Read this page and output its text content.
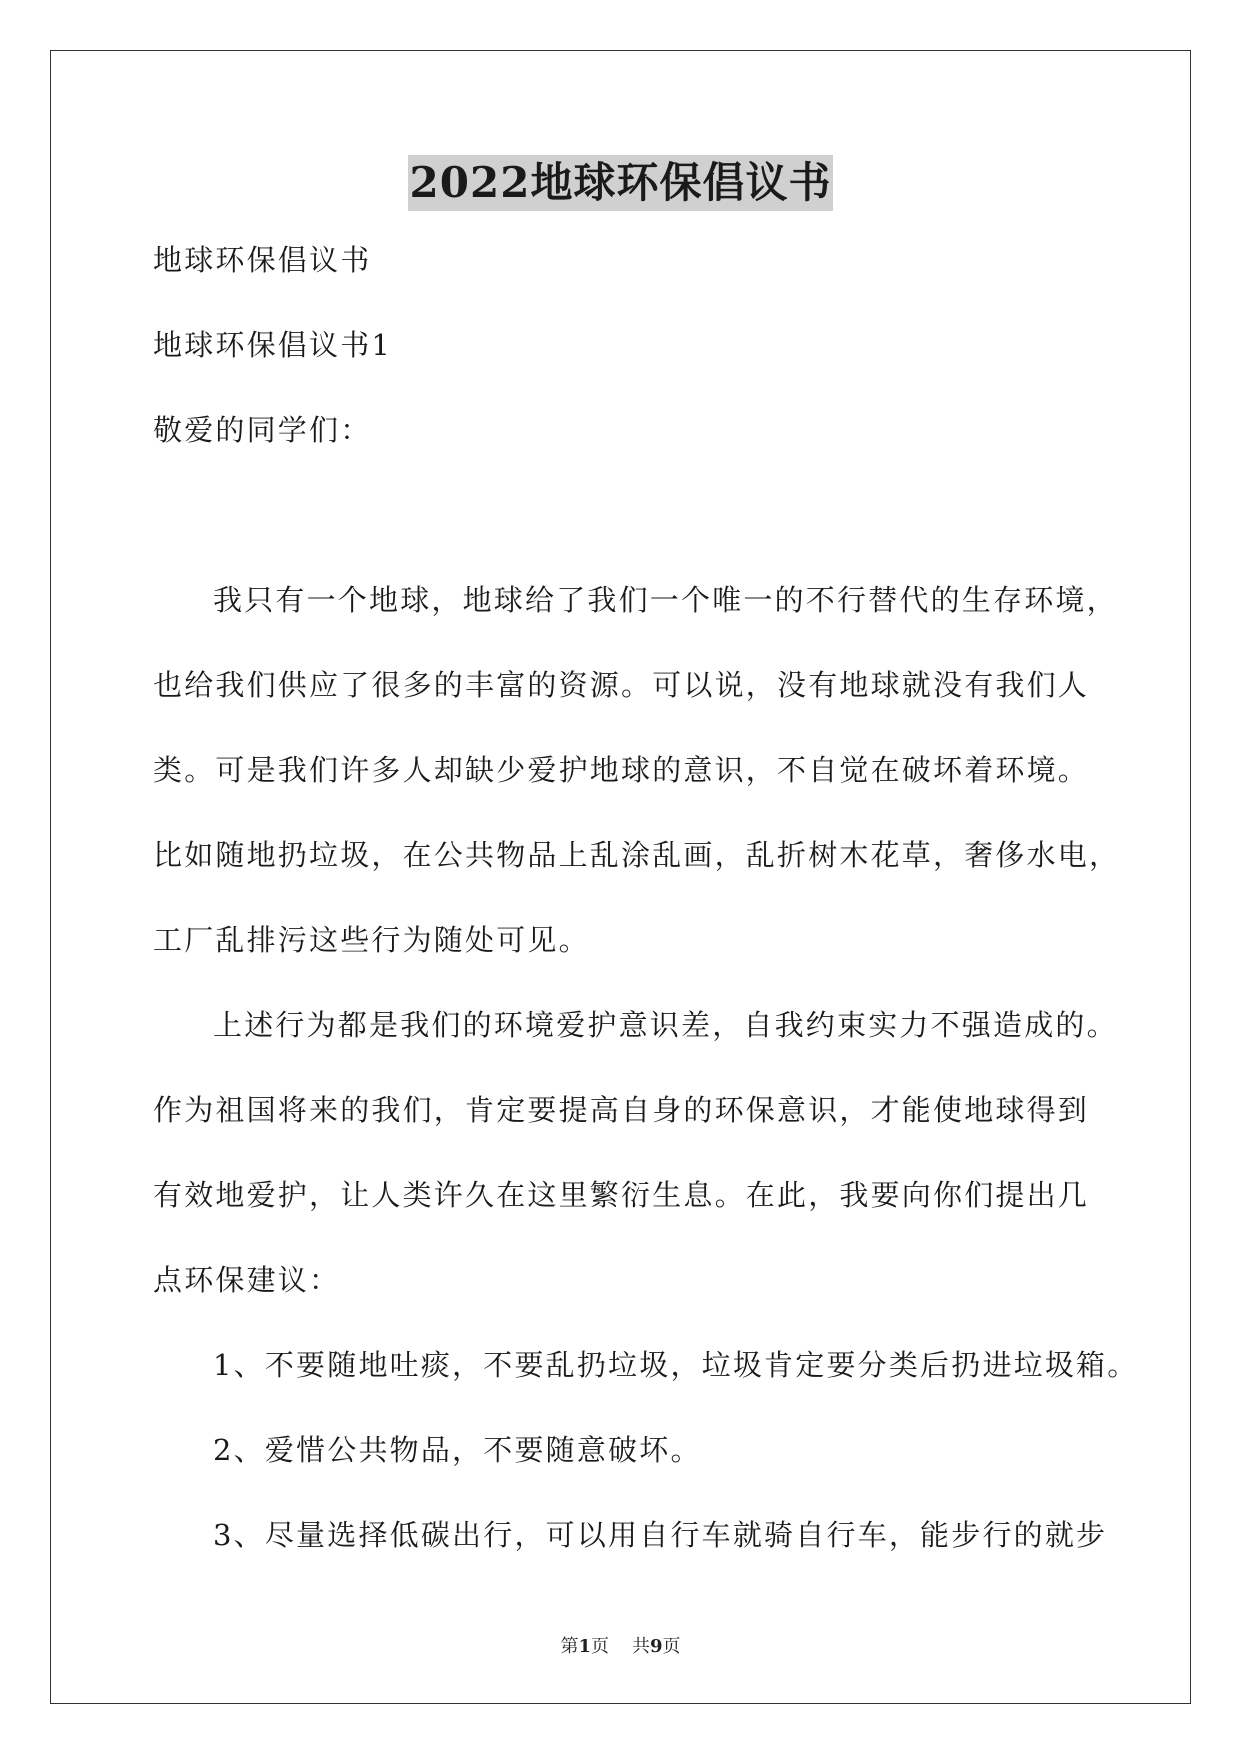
2022地球环保倡议书
地球环保倡议书
地球环保倡议书1
敬爱的同学们：
我只有一个地球，地球给了我们一个唯一的不行替代的生存环境，
也给我们供应了很多的丰富的资源。可以说，没有地球就没有我们人
类。可是我们许多人却缺少爱护地球的意识，不自觉在破坏着环境。
比如随地扔垃圾，在公共物品上乱涂乱画，乱折树木花草，奢侈水电，
工厂乱排污这些行为随处可见。
上述行为都是我们的环境爱护意识差，自我约束实力不强造成的。
作为祖国将来的我们，肯定要提高自身的环保意识，才能使地球得到
有效地爱护，让人类许久在这里繁衍生息。在此，我要向你们提出几
点环保建议：
1、不要随地吐痰，不要乱扔垃圾，垃圾肯定要分类后扔进垃圾箱。
2、爱惜公共物品，不要随意破坏。
3、尽量选择低碳出行，可以用自行车就骑自行车，能步行的就步
第1页 共9页
